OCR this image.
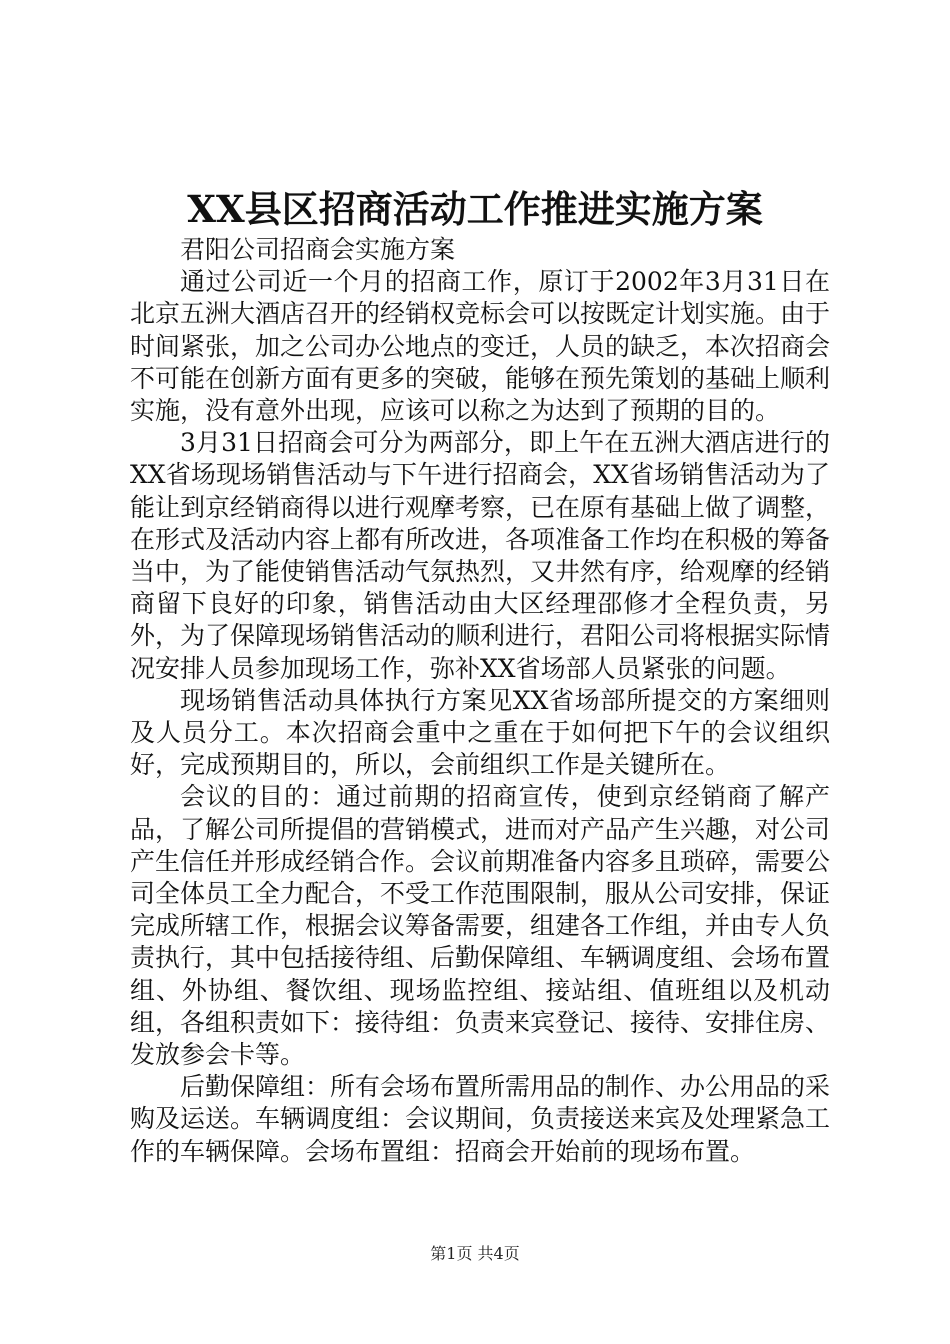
XX县区招商活动工作推进实施方案

君阳公司招商会实施方案

通过公司近一个月的招商工作，原订于2002年3月31日在北京五洲大酒店召开的经销权竞标会可以按既定计划实施。由于时间紧张，加之公司办公地点的变迁，人员的缺乏，本次招商会不可能在创新方面有更多的突破，能够在预先策划的基础上顺利实施，没有意外出现，应该可以称之为达到了预期的目的。

3月31日招商会可分为两部分，即上午在五洲大酒店进行的XX省场现场销售活动与下午进行招商会，XX省场销售活动为了能让到京经销商得以进行观摩考察，已在原有基础上做了调整，在形式及活动内容上都有所改进，各项准备工作均在积极的筹备当中，为了能使销售活动气氛热烈，又井然有序，给观摩的经销商留下良好的印象，销售活动由大区经理邵修才全程负责，另外，为了保障现场销售活动的顺利进行，君阳公司将根据实际情况安排人员参加现场工作，弥补XX省场部人员紧张的问题。

现场销售活动具体执行方案见XX省场部所提交的方案细则及人员分工。本次招商会重中之重在于如何把下午的会议组织好，完成预期目的，所以，会前组织工作是关键所在。

会议的目的：通过前期的招商宣传，使到京经销商了解产品，了解公司所提倡的营销模式，进而对产品产生兴趣，对公司产生信任并形成经销合作。会议前期准备内容多且琐碎，需要公司全体员工全力配合，不受工作范围限制，服从公司安排，保证完成所辖工作，根据会议筹备需要，组建各工作组，并由专人负责执行，其中包括接待组、后勤保障组、车辆调度组、会场布置组、外协组、餐饮组、现场监控组、接站组、值班组以及机动组，各组积责如下：接待组：负责来宾登记、接待、安排住房、发放参会卡等。

后勤保障组：所有会场布置所需用品的制作、办公用品的采购及运送。车辆调度组：会议期间，负责接送来宾及处理紧急工作的车辆保障。会场布置组：招商会开始前的现场布置。

第1页 共4页
